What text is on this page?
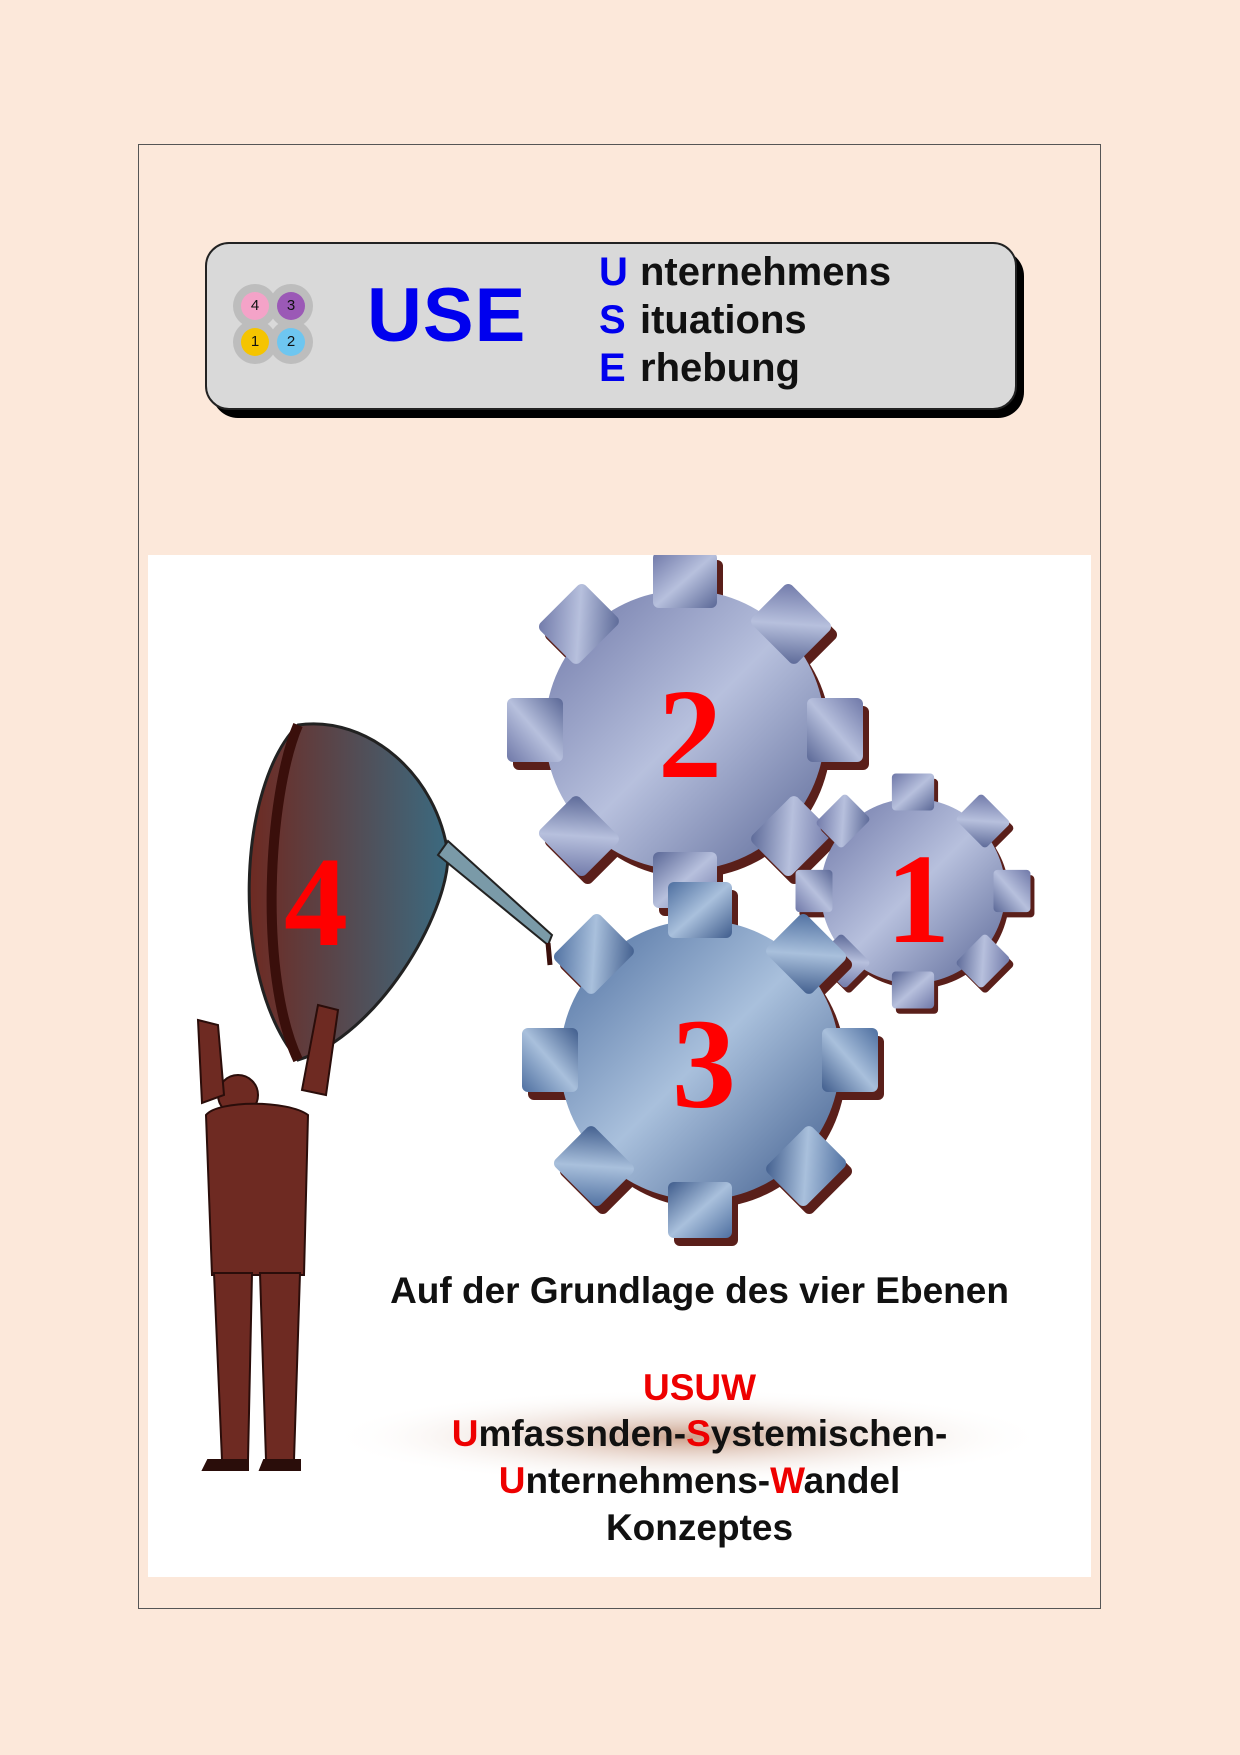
4	3
1	2 USE
U nternehmens
S ituations
E rhebung
2
1
3
4
Auf der Grundlage des vier Ebenen
USUW
Umfassnden-Systemischen-
Unternehmens-Wandel
Konzeptes
